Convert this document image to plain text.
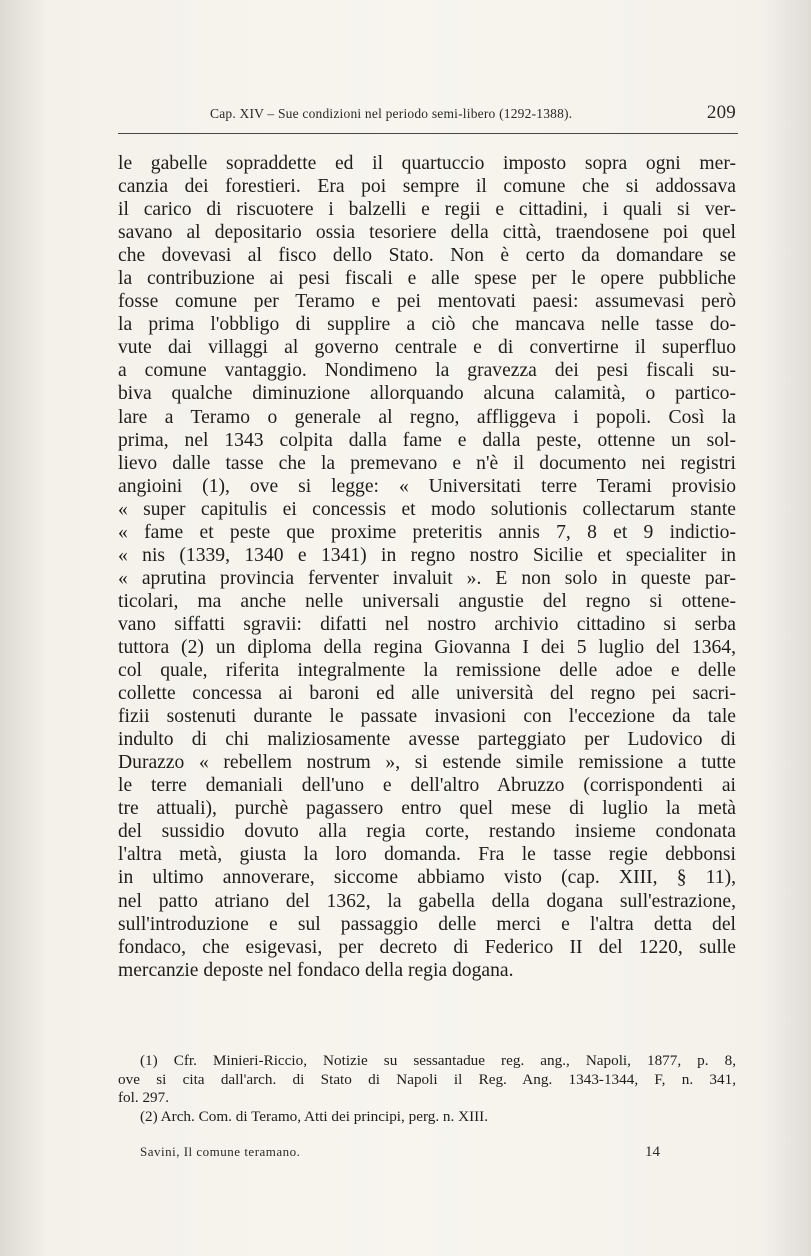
Cap. XIV – Sue condizioni nel periodo semi-libero (1292-1388).	209
le gabelle sopraddette ed il quartuccio imposto sopra ogni mer-
canzia dei forestieri. Era poi sempre il comune che si addossava
il carico di riscuotere i balzelli e regii e cittadini, i quali si ver-
savano al depositario ossia tesoriere della città, traendosene poi quel
che dovevasi al fisco dello Stato. Non è certo da domandare se
la contribuzione ai pesi fiscali e alle spese per le opere pubbliche
fosse comune per Teramo e pei mentovati paesi: assumevasi però
la prima l'obbligo di supplire a ciò che mancava nelle tasse do-
vute dai villaggi al governo centrale e di convertirne il superfluo
a comune vantaggio. Nondimeno la gravezza dei pesi fiscali su-
biva qualche diminuzione allorquando alcuna calamità, o partico-
lare a Teramo o generale al regno, affliggeva i popoli. Così la
prima, nel 1343 colpita dalla fame e dalla peste, ottenne un sol-
lievo dalle tasse che la premevano e n'è il documento nei registri
angioini (1), ove si legge: « Universitati terre Terami provisio
« super capitulis ei concessis et modo solutionis collectarum stante
« fame et peste que proxime preteritis annis 7, 8 et 9 indictio-
« nis (1339, 1340 e 1341) in regno nostro Sicilie et specialiter in
« aprutina provincia ferventer invaluit ». E non solo in queste par-
ticolari, ma anche nelle universali angustie del regno si ottene-
vano siffatti sgravii: difatti nel nostro archivio cittadino si serba
tuttora (2) un diploma della regina Giovanna I dei 5 luglio del 1364,
col quale, riferita integralmente la remissione delle adoe e delle
collette concessa ai baroni ed alle università del regno pei sacri-
fizii sostenuti durante le passate invasioni con l'eccezione da tale
indulto di chi maliziosamente avesse parteggiato per Ludovico di
Durazzo « rebellem nostrum », si estende simile remissione a tutte
le terre demaniali dell'uno e dell'altro Abruzzo (corrispondenti ai
tre attuali), purchè pagassero entro quel mese di luglio la metà
del sussidio dovuto alla regia corte, restando insieme condonata
l'altra metà, giusta la loro domanda. Fra le tasse regie debbonsi
in ultimo annoverare, siccome abbiamo visto (cap. XIII, § 11),
nel patto atriano del 1362, la gabella della dogana sull'estrazione,
sull'introduzione e sul passaggio delle merci e l'altra detta del
fondaco, che esigevasi, per decreto di Federico II del 1220, sulle
mercanzie deposte nel fondaco della regia dogana.
(1) Cfr. Minieri-Riccio, Notizie su sessantadue reg. ang., Napoli, 1877, p. 8,
ove si cita dall'arch. di Stato di Napoli il Reg. Ang. 1343-1344, F, n. 341,
fol. 297.
(2) Arch. Com. di Teramo, Atti dei principi, perg. n. XIII.
Savini, Il comune teramano.	14
